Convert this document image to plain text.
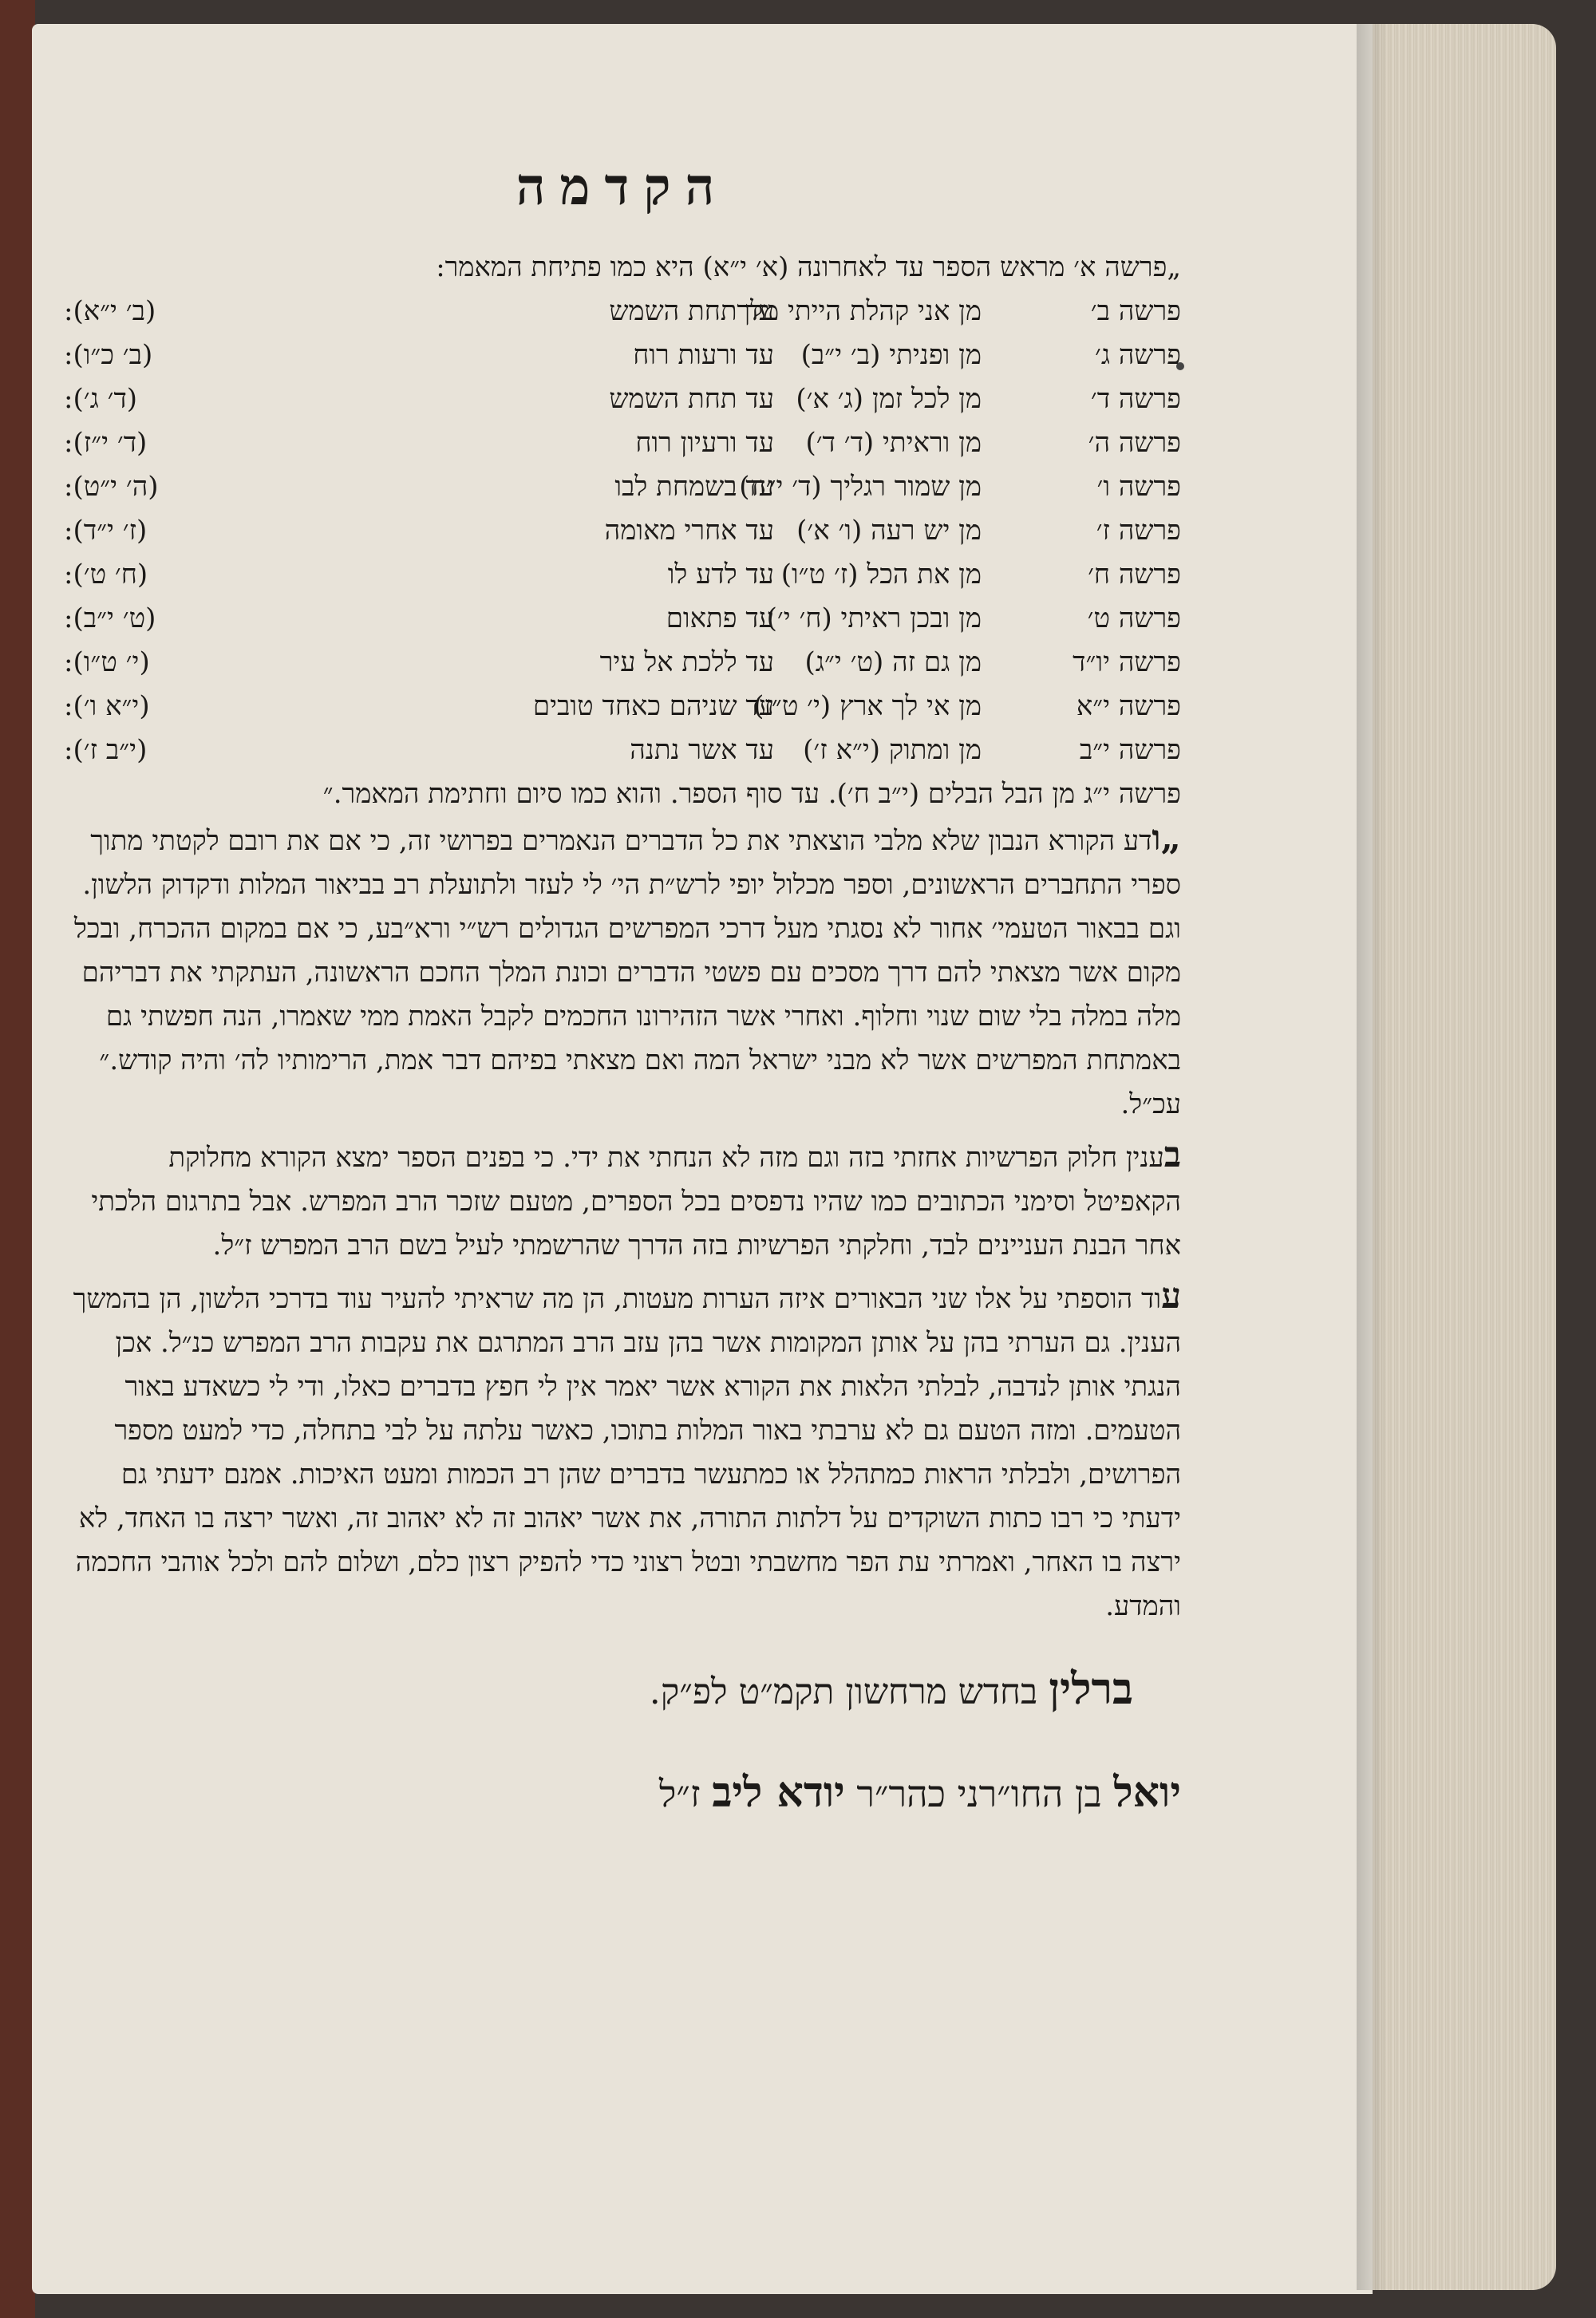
הקדמה
„פרשה א׳ מראש הספר עד לאחרונה (א׳ י״א) היא כמו פתיחת המאמר:
פרשה ב׳
מן אני קהלת הייתי מלך
עד תחת השמש
(ב׳ י״א):
פרשה ג׳
מן ופניתי (ב׳ י״ב)
עד ורעות רוח
(ב׳ כ״ו):
פרשה ד׳
מן לכל זמן (ג׳ א׳)
עד תחת השמש
(ד׳ ג׳):
פרשה ה׳
מן וראיתי (ד׳ ד׳)
עד ורעיון רוח
(ד׳ י״ז):
פרשה ו׳
מן שמור רגליך (ד׳ י״ח)
עד בשמחת לבו
(ה׳ י״ט):
פרשה ז׳
מן יש רעה (ו׳ א׳)
עד אחרי מאומה
(ז׳ י״ד):
פרשה ח׳
מן את הכל (ז׳ ט״ו)
עד לדע לו
(ח׳ ט׳):
פרשה ט׳
מן ובכן ראיתי (ח׳ י׳)
עד פתאום
(ט׳ י״ב):
פרשה יו״ד
מן גם זה (ט׳ י״ג)
עד ללכת אל עיר
(י׳ ט״ו):
פרשה י״א
מן אי לך ארץ (י׳ ט״ז)
עד שניהם כאחד טובים
(י״א ו׳):
פרשה י״ב
מן ומתוק (י״א ז׳)
עד אשר נתנה
(י״ב ז׳):
פרשה י״ג מן הבל הבלים (י״ב ח׳). עד סוף הספר. והוא כמו סיום וחתימת המאמר.״

„ודע הקורא הנבון שלא מלבי הוצאתי את כל הדברים הנאמרים בפרושי זה, כי אם את רובם לקטתי מתוך ספרי התחברים הראשונים, וספר מכלול יופי לרש״ת הי׳ לי לעזר ולתועלת רב בביאור המלות ודקדוק הלשון. וגם בבאור הטעמי׳ אחור לא נסגתי מעל דרכי המפרשים הגדולים רש״י ורא״בע, כי אם במקום ההכרח, ובכל מקום אשר מצאתי להם דרך מסכים עם פשטי הדברים וכונת המלך החכם הראשונה, העתקתי את דבריהם מלה במלה בלי שום שנוי וחלוף. ואחרי אשר הזהירונו החכמים לקבל האמת ממי שאמרו, הנה חפשתי גם באמתחת המפרשים אשר לא מבני ישראל המה ואם מצאתי בפיהם דבר אמת, הרימותיו לה׳ והיה קודש.״ עכ״ל.

בענין חלוק הפרשיות אחזתי בזה וגם מזה לא הנחתי את ידי. כי בפנים הספר ימצא הקורא מחלוקת הקאפיטל וסימני הכתובים כמו שהיו נדפסים בכל הספרים, מטעם שזכר הרב המפרש. אבל בתרגום הלכתי אחר הבנת העניינים לבד, וחלקתי הפרשיות בזה הדרך שהרשמתי לעיל בשם הרב המפרש ז״ל.

עוד הוספתי על אלו שני הבאורים איזה הערות מעטות, הן מה שראיתי להעיר עוד בדרכי הלשון, הן בהמשך הענין. גם הערתי בהן על אותן המקומות אשר בהן עזב הרב המתרגם את עקבות הרב המפרש כנ״ל. אכן הנגתי אותן לנדבה, לבלתי הלאות את הקורא אשר יאמר אין לי חפץ בדברים כאלו, ודי לי כשאדע באור הטעמים. ומזה הטעם גם לא ערבתי באור המלות בתוכו, כאשר עלתה על לבי בתחלה, כדי למעט מספר הפרושים, ולבלתי הראות כמתהלל או כמתעשר בדברים שהן רב הכמות ומעט האיכות. אמנם ידעתי גם ידעתי כי רבו כתות השוקדים על דלתות התורה, את אשר יאהוב זה לא יאהוב זה, ואשר ירצה בו האחד, לא ירצה בו האחר, ואמרתי עת הפר מחשבתי ובטל רצוני כדי להפיק רצון כלם, ושלום להם ולכל אוהבי החכמה והמדע.

ברלין בחדש מרחשון תקמ״ט לפ״ק.
יואל בן החו״רני כהר״ר יודא ליב ז״ל
